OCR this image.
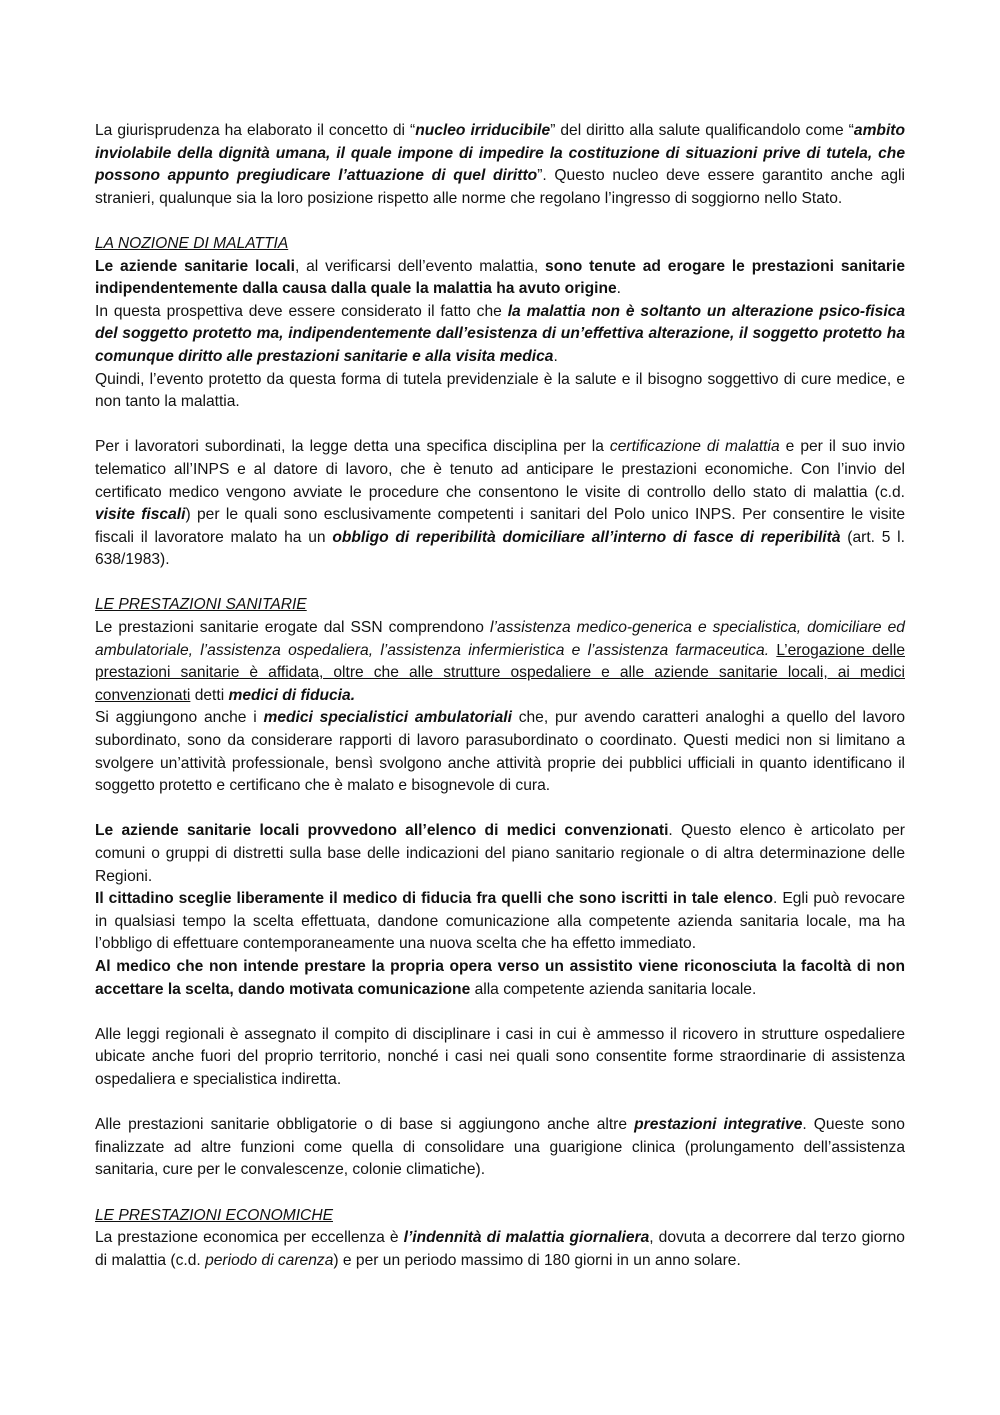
La giurisprudenza ha elaborato il concetto di “nucleo irriducibile” del diritto alla salute qualificandolo come “ambito inviolabile della dignità umana, il quale impone di impedire la costituzione di situazioni prive di tutela, che possono appunto pregiudicare l’attuazione di quel diritto”. Questo nucleo deve essere garantito anche agli stranieri, qualunque sia la loro posizione rispetto alle norme che regolano l’ingresso di soggiorno nello Stato.

LA NOZIONE DI MALATTIA

Le aziende sanitarie locali, al verificarsi dell’evento malattia, sono tenute ad erogare le prestazioni sanitarie indipendentemente dalla causa dalla quale la malattia ha avuto origine.

In questa prospettiva deve essere considerato il fatto che la malattia non è soltanto un alterazione psico-fisica del soggetto protetto ma, indipendentemente dall’esistenza di un’effettiva alterazione, il soggetto protetto ha comunque diritto alle prestazioni sanitarie e alla visita medica.

Quindi, l’evento protetto da questa forma di tutela previdenziale è la salute e il bisogno soggettivo di cure medice, e non tanto la malattia.

Per i lavoratori subordinati, la legge detta una specifica disciplina per la certificazione di malattia e per il suo invio telematico all’INPS e al datore di lavoro, che è tenuto ad anticipare le prestazioni economiche. Con l’invio del certificato medico vengono avviate le procedure che consentono le visite di controllo dello stato di malattia (c.d. visite fiscali) per le quali sono esclusivamente competenti i sanitari del Polo unico INPS. Per consentire le visite fiscali il lavoratore malato ha un obbligo di reperibilità domiciliare all’interno di fasce di reperibilità (art. 5 l. 638/1983).

LE PRESTAZIONI SANITARIE

Le prestazioni sanitarie erogate dal SSN comprendono l’assistenza medico-generica e specialistica, domiciliare ed ambulatoriale, l’assistenza ospedaliera, l’assistenza infermieristica e l’assistenza farmaceutica. L’erogazione delle prestazioni sanitarie è affidata, oltre che alle strutture ospedaliere e alle aziende sanitarie locali, ai medici convenzionati detti medici di fiducia.

Si aggiungono anche i medici specialistici ambulatoriali che, pur avendo caratteri analoghi a quello del lavoro subordinato, sono da considerare rapporti di lavoro parasubordinato o coordinato. Questi medici non si limitano a svolgere un’attività professionale, bensì svolgono anche attività proprie dei pubblici ufficiali in quanto identificano il soggetto protetto e certificano che è malato e bisognevole di cura.

Le aziende sanitarie locali provvedono all’elenco di medici convenzionati. Questo elenco è articolato per comuni o gruppi di distretti sulla base delle indicazioni del piano sanitario regionale o di altra determinazione delle Regioni.

Il cittadino sceglie liberamente il medico di fiducia fra quelli che sono iscritti in tale elenco. Egli può revocare in qualsiasi tempo la scelta effettuata, dandone comunicazione alla competente azienda sanitaria locale, ma ha l’obbligo di effettuare contemporaneamente una nuova scelta che ha effetto immediato.

Al medico che non intende prestare la propria opera verso un assistito viene riconosciuta la facoltà di non accettare la scelta, dando motivata comunicazione alla competente azienda sanitaria locale.

Alle leggi regionali è assegnato il compito di disciplinare i casi in cui è ammesso il ricovero in strutture ospedaliere ubicate anche fuori del proprio territorio, nonché i casi nei quali sono consentite forme straordinarie di assistenza ospedaliera e specialistica indiretta.

Alle prestazioni sanitarie obbligatorie o di base si aggiungono anche altre prestazioni integrative. Queste sono finalizzate ad altre funzioni come quella di consolidare una guarigione clinica (prolungamento dell’assistenza sanitaria, cure per le convalescenze, colonie climatiche).

LE PRESTAZIONI ECONOMICHE

La prestazione economica per eccellenza è l’indennità di malattia giornaliera, dovuta a decorrere dal terzo giorno di malattia (c.d. periodo di carenza) e per un periodo massimo di 180 giorni in un anno solare.
